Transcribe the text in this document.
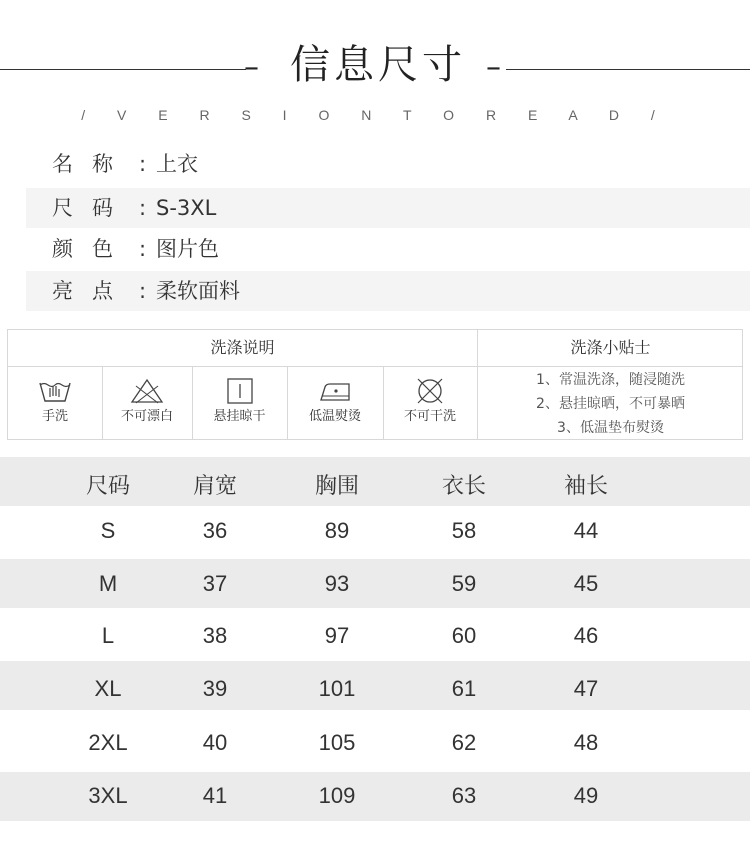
–	–
信息尺寸
/ V E R S I O N T O R E A D /
名称 : 上衣
尺码 : S-3XL
颜色 : 图片色
亮点 : 柔软面料
洗涤说明	洗涤小贴士
手洗	不可漂白	悬挂晾干	低温熨烫	不可干洗
1、常温洗涤，随浸随洗
2、悬挂晾晒，不可暴晒
3、低温垫布熨烫
尺码	肩宽	胸围	衣长	袖长
S	36	89	58	44
M	37	93	59	45
L	38	97	60	46
XL	39	101	61	47
2XL	40	105	62	48
3XL	41	109	63	49
